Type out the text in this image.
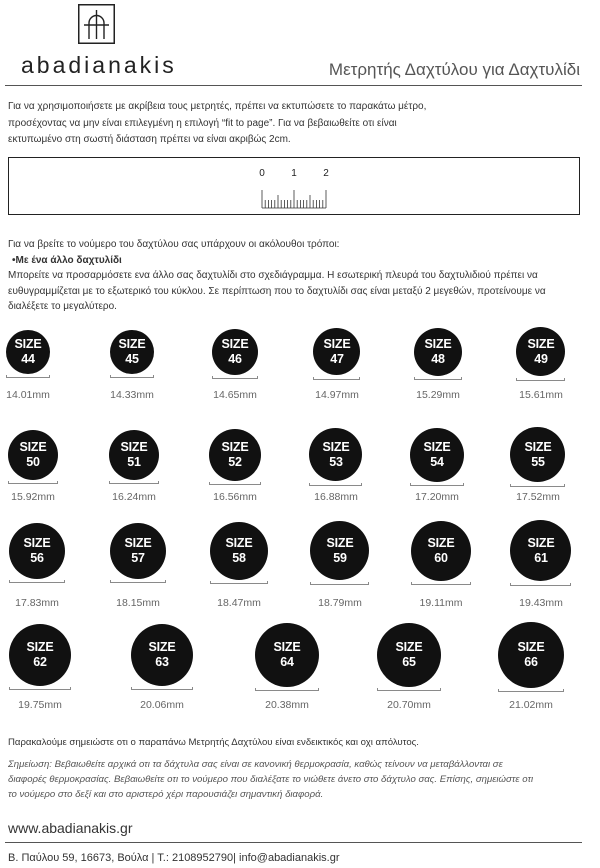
abadianakis	Μετρητής Δαχτύλου για Δαχτυλίδι
Για να χρησιμοποιήσετε με ακρίβεια τους μετρητές, πρέπει να εκτυπώσετε το παρακάτω μέτρο,
προσέχοντας να μην είναι επιλεγμένη η επιλογή “fit to page”. Για να βεβαιωθείτε οτι είναι
εκτυπωμένο στη σωστή διάσταση πρέπει να είναι ακριβώς 2cm.
0	1	2
Για να βρείτε το νούμερο του δαχτύλου σας υπάρχουν οι ακόλουθοι τρόποι:
•Με ένα άλλο δαχτυλίδι
Μπορείτε να προσαρμόσετε ενα άλλο σας δαχτυλίδι στο σχεδιάγραμμα. Η εσωτερική πλευρά του δαχτυλιδιού πρέπει να
ευθυγραμμίζεται με το εξωτερικό του κύκλου. Σε περίπτωση που το δαχτυλίδι σας είναι μεταξύ 2 μεγεθών, προτείνουμε να
διαλέξετε το μεγαλύτερο.
SIZE
44
14.01mm
SIZE
45
14.33mm
SIZE
46
14.65mm
SIZE
47
14.97mm
SIZE
48
15.29mm
SIZE
49
15.61mm
SIZE
50
15.92mm
SIZE
51
16.24mm
SIZE
52
16.56mm
SIZE
53
16.88mm
SIZE
54
17.20mm
SIZE
55
17.52mm
SIZE
56
17.83mm
SIZE
57
18.15mm
SIZE
58
18.47mm
SIZE
59
18.79mm
SIZE
60
19.11mm
SIZE
61
19.43mm
SIZE
62
19.75mm
SIZE
63
20.06mm
SIZE
64
20.38mm
SIZE
65
20.70mm
SIZE
66
21.02mm
Παρακαλούμε σημειώστε οτι ο παραπάνω Μετρητής Δαχτύλου είναι ενδεικτικός και οχι απόλυτος.
Σημείωση: Βεβαιωθείτε αρχικά οτι τα δάχτυλα σας είναι σε κανονική θερμοκρασία, καθώς τείνουν να μεταβάλλονται σε
διαφορές θερμοκρασίας. Βεβαιωθείτε οτι το νούμερο που διαλέξατε το νιώθετε άνετο στο δάχτυλο σας. Επίσης, σημειώστε οτι
το νούμερο στο δεξί και στο αριστερό χέρι παρουσιάζει σημαντική διαφορά.
www.abadianakis.gr
Β. Παύλου 59, 16673, Βούλα | Τ.: 2108952790| info@abadianakis.gr
